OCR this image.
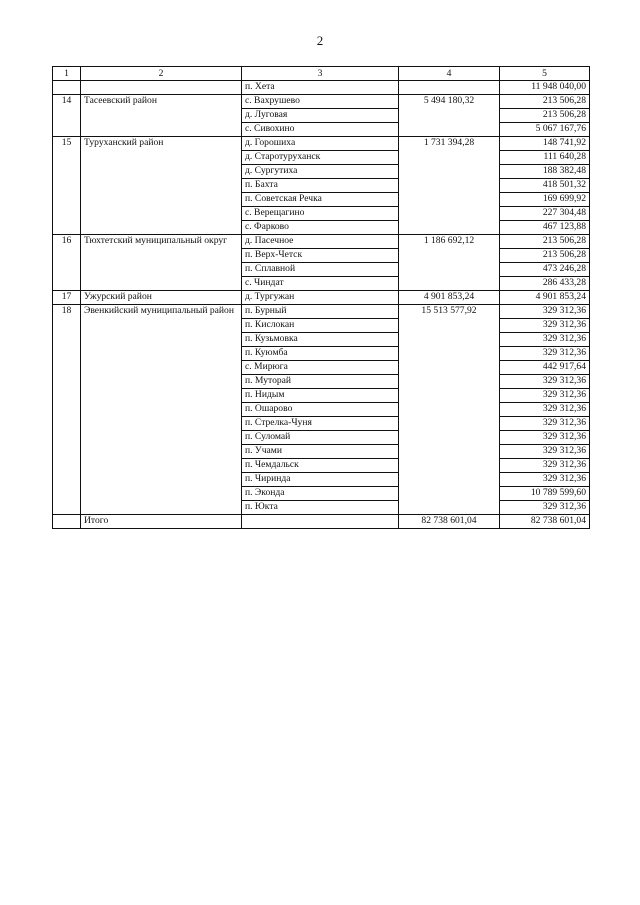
2
1	2	3	4	5
		п. Хета		11 948 040,00
14	Тасеевский район	с. Вахрушево	5 494 180,32	213 506,28
		д. Луговая		213 506,28
		с. Сивохино		5 067 167,76
15	Туруханский район	д. Горошиха	1 731 394,28	148 741,92
		д. Старотуруханск		111 640,28
		д. Сургутиха		188 382,48
		п. Бахта		418 501,32
		п. Советская Речка		169 699,92
		с. Верещагино		227 304,48
		с. Фарково		467 123,88
16	Тюхтетский муниципальный округ	д. Пасечное	1 186 692,12	213 506,28
		п. Верх-Четск		213 506,28
		п. Сплавной		473 246,28
		с. Чиндат		286 433,28
17	Ужурский район	д. Тургужан	4 901 853,24	4 901 853,24
18	Эвенкийский муниципальный район	п. Бурный	15 513 577,92	329 312,36
		п. Кислокан		329 312,36
		п. Кузьмовка		329 312,36
		п. Куюмба		329 312,36
		с. Мирюга		442 917,64
		п. Муторай		329 312,36
		п. Нидым		329 312,36
		п. Ошарово		329 312,36
		п. Стрелка-Чуня		329 312,36
		п. Суломай		329 312,36
		п. Учами		329 312,36
		п. Чемдальск		329 312,36
		п. Чиринда		329 312,36
		п. Эконда		10 789 599,60
		п. Юкта		329 312,36
	Итого		82 738 601,04	82 738 601,04
